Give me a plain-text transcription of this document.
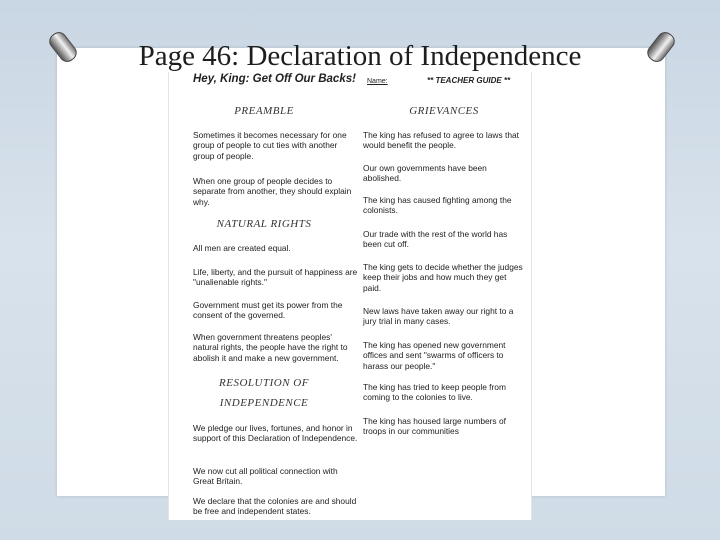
Page 46: Declaration of Independence
Hey, King: Get Off Our Backs! Name:	** TEACHER GUIDE **
PREAMBLE
Sometimes it becomes necessary for one group of people to cut ties with another group of people.
When one group of people decides to separate from another, they should explain why.
NATURAL RIGHTS
All men are created equal.
Life, liberty, and the pursuit of happiness are "unalienable rights."
Government must get its power from the consent of the governed.
When government threatens peoples' natural rights, the people have the right to abolish it and make a new government.
RESOLUTION OF
INDEPENDENCE
We pledge our lives, fortunes, and honor in support of this Declaration of Independence.
We now cut all political connection with Great Britain.
We declare that the colonies are and should be free and independent states.
GRIEVANCES
The king has refused to agree to laws that would benefit the people.
Our own governments have been abolished.
The king has caused fighting among the colonists.
Our trade with the rest of the world has been cut off.
The king gets to decide whether the judges keep their jobs and how much they get paid.
New laws have taken away our right to a jury trial in many cases.
The king has opened new government offices and sent "swarms of officers to harass our people."
The king has tried to keep people from coming to the colonies to live.
The king has housed large numbers of troops in our communities
